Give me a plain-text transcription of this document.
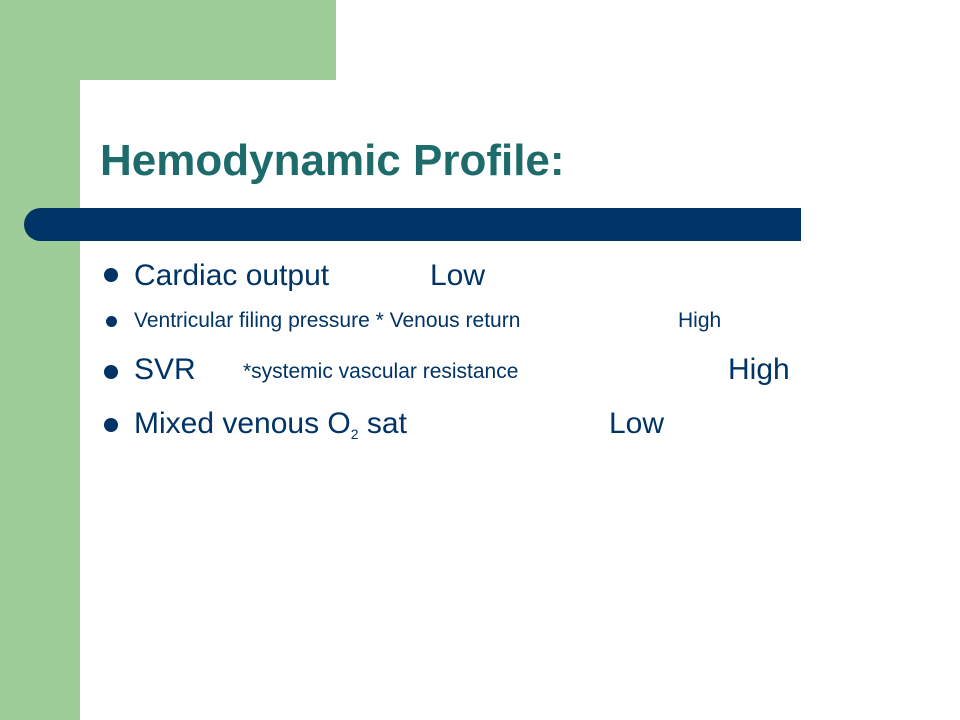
Hemodynamic Profile:
Cardiac output	Low
Ventricular filing pressure * Venous return	High
SVR *systemic vascular resistance	High
Mixed venous $O_2$ sat	Low
